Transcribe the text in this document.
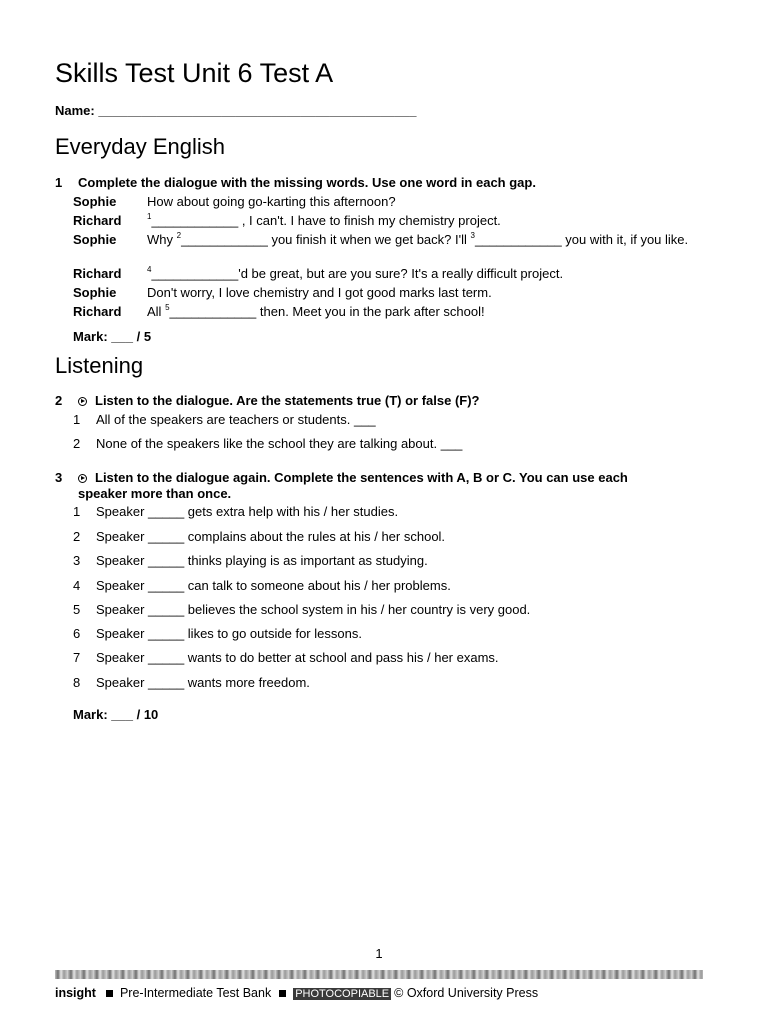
Skills Test Unit 6 Test A
Name: ____________________________________________
Everyday English
1 Complete the dialogue with the missing words. Use one word in each gap.
Sophie How about going go-karting this afternoon?
Richard	$^1$____________ , I can't. I have to finish my chemistry project.
Sophie Why $^2$____________ you finish it when we get back? I'll $^3$____________ you with it, if you like.
Richard	$^4$____________'d be great, but are you sure? It's a really difficult project.
Sophie Don't worry, I love chemistry and I got good marks last term.
Richard All $^5$____________ then. Meet you in the park after school!
Mark: ___ / 5
Listening
2	Listen to the dialogue. Are the statements true (T) or false (F)?
1 All of the speakers are teachers or students. ___
2 None of the speakers like the school they are talking about. ___
3	Listen to the dialogue again. Complete the sentences with A, B or C. You can use each
speaker more than once.
1 Speaker _____ gets extra help with his / her studies.
2 Speaker _____ complains about the rules at his / her school.
3 Speaker _____ thinks playing is as important as studying.
4 Speaker _____ can talk to someone about his / her problems.
5 Speaker _____ believes the school system in his / her country is very good.
6 Speaker _____ likes to go outside for lessons.
7 Speaker _____ wants to do better at school and pass his / her exams.
8 Speaker _____ wants more freedom.
Mark: ___ / 10
1
insight Pre-Intermediate Test Bank PHOTOCOPIABLE © Oxford University Press
